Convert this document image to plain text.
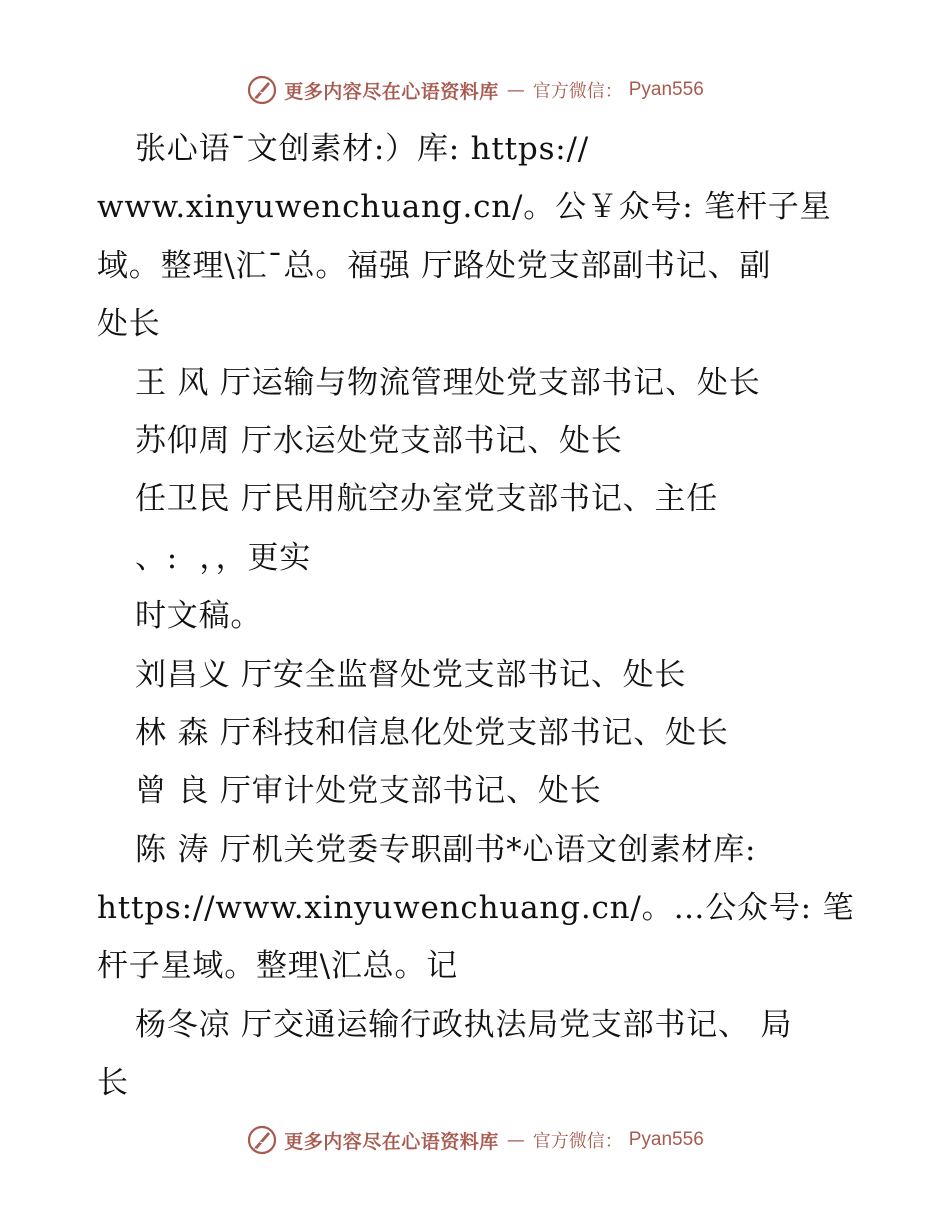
更多内容尽在心语资料库 — 官方微信： Pyan556
张心语¯文创素材:）库: https://
www.xinyuwenchuang.cn/。公￥众号: 笔杆子星
域。整理\汇¯总。福强 厅路处党支部副书记、副
处长
王 风 厅运输与物流管理处党支部书记、处长
苏仰周 厅水运处党支部书记、处长
任卫民 厅民用航空办室党支部书记、主任
、:  ，，更实
时文稿。
刘昌义 厅安全监督处党支部书记、处长
林 森 厅科技和信息化处党支部书记、处长
曾 良 厅审计处党支部书记、处长
陈 涛 厅机关党委专职副书*心语文创素材库:
https://www.xinyuwenchuang.cn/。…公众号: 笔
杆子星域。整理\汇总。记
杨冬凉 厅交通运输行政执法局党支部书记、 局
长
更多内容尽在心语资料库 — 官方微信： Pyan556
